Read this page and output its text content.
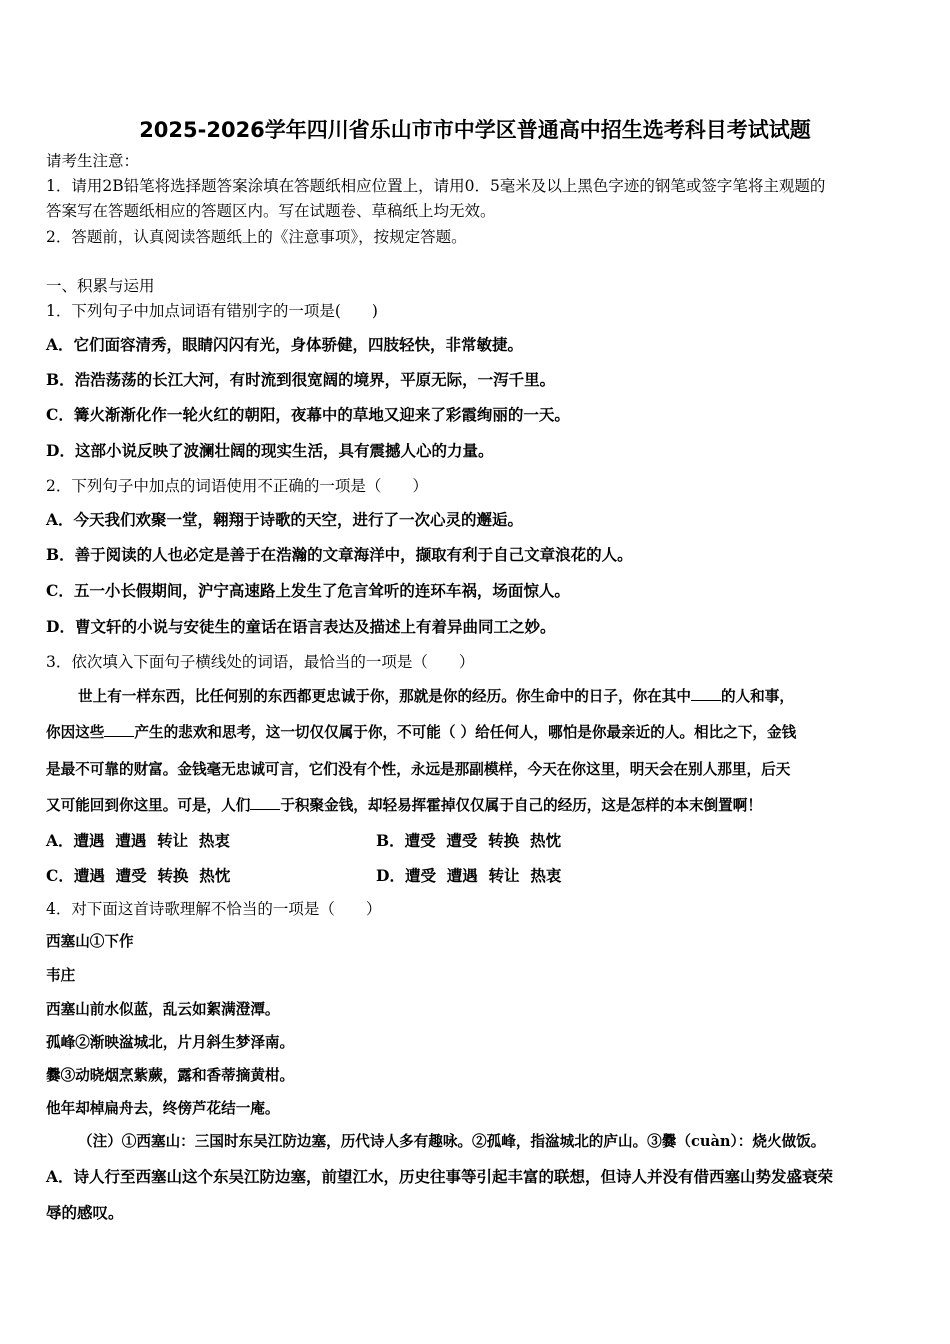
2025-2026学年四川省乐山市市中学区普通高中招生选考科目考试试题
请考生注意：
1．请用2B铅笔将选择题答案涂填在答题纸相应位置上，请用0．5毫米及以上黑色字迹的钢笔或签字笔将主观题的
答案写在答题纸相应的答题区内。写在试题卷、草稿纸上均无效。
2．答题前，认真阅读答题纸上的《注意事项》，按规定答题。
一、积累与运用
1．下列句子中加点词语有错别字的一项是(　　)
A．它们面容清秀，眼睛闪闪有光，身体骄健，四肢轻快，非常敏捷。
B．浩浩荡荡的长江大河，有时流到很宽阔的境界，平原无际，一泻千里。
C．篝火渐渐化作一轮火红的朝阳，夜幕中的草地又迎来了彩霞绚丽的一天。
D．这部小说反映了波澜壮阔的现实生活，具有震撼人心的力量。
2．下列句子中加点的词语使用不正确的一项是（　　）
A．今天我们欢聚一堂，翱翔于诗歌的天空，进行了一次心灵的邂逅。
B．善于阅读的人也必定是善于在浩瀚的文章海洋中，撷取有利于自己文章浪花的人。
C．五一小长假期间，沪宁高速路上发生了危言耸听的连环车祸，场面惊人。
D．曹文轩的小说与安徒生的童话在语言表达及描述上有着异曲同工之妙。
3．依次填入下面句子横线处的词语，最恰当的一项是（　　）
世上有一样东西，比任何别的东西都更忠诚于你，那就是你的经历。你生命中的日子，你在其中 的人和事，
你因这些 产生的悲欢和思考，这一切仅仅属于你，不可能（ ）给任何人，哪怕是你最亲近的人。相比之下，金钱
是最不可靠的财富。金钱毫无忠诚可言，它们没有个性，永远是那副模样，今天在你这里，明天会在别人那里，后天
又可能回到你这里。可是，人们 于积聚金钱，却轻易挥霍掉仅仅属于自己的经历，这是怎样的本末倒置啊！
A．遭遇  遭遇  转让  热衷	B．遭受  遭受  转换  热忱
C．遭遇  遭受  转换  热忱	D．遭受  遭遇  转让  热衷
4．对下面这首诗歌理解不恰当的一项是（　　）
西塞山①下作
韦庄
西塞山前水似蓝，乱云如絮满澄潭。
孤峰②渐映湓城北，片月斜生梦泽南。
爨③动晓烟烹紫蕨，露和香蒂摘黄柑。
他年却棹扁舟去，终傍芦花结一庵。
（注）①西塞山：三国时东吴江防边塞，历代诗人多有趣咏。②孤峰，指湓城北的庐山。③爨（cuàn）：烧火做饭。
A．诗人行至西塞山这个东吴江防边塞，前望江水，历史往事等引起丰富的联想，但诗人并没有借西塞山势发盛衰荣
辱的感叹。
